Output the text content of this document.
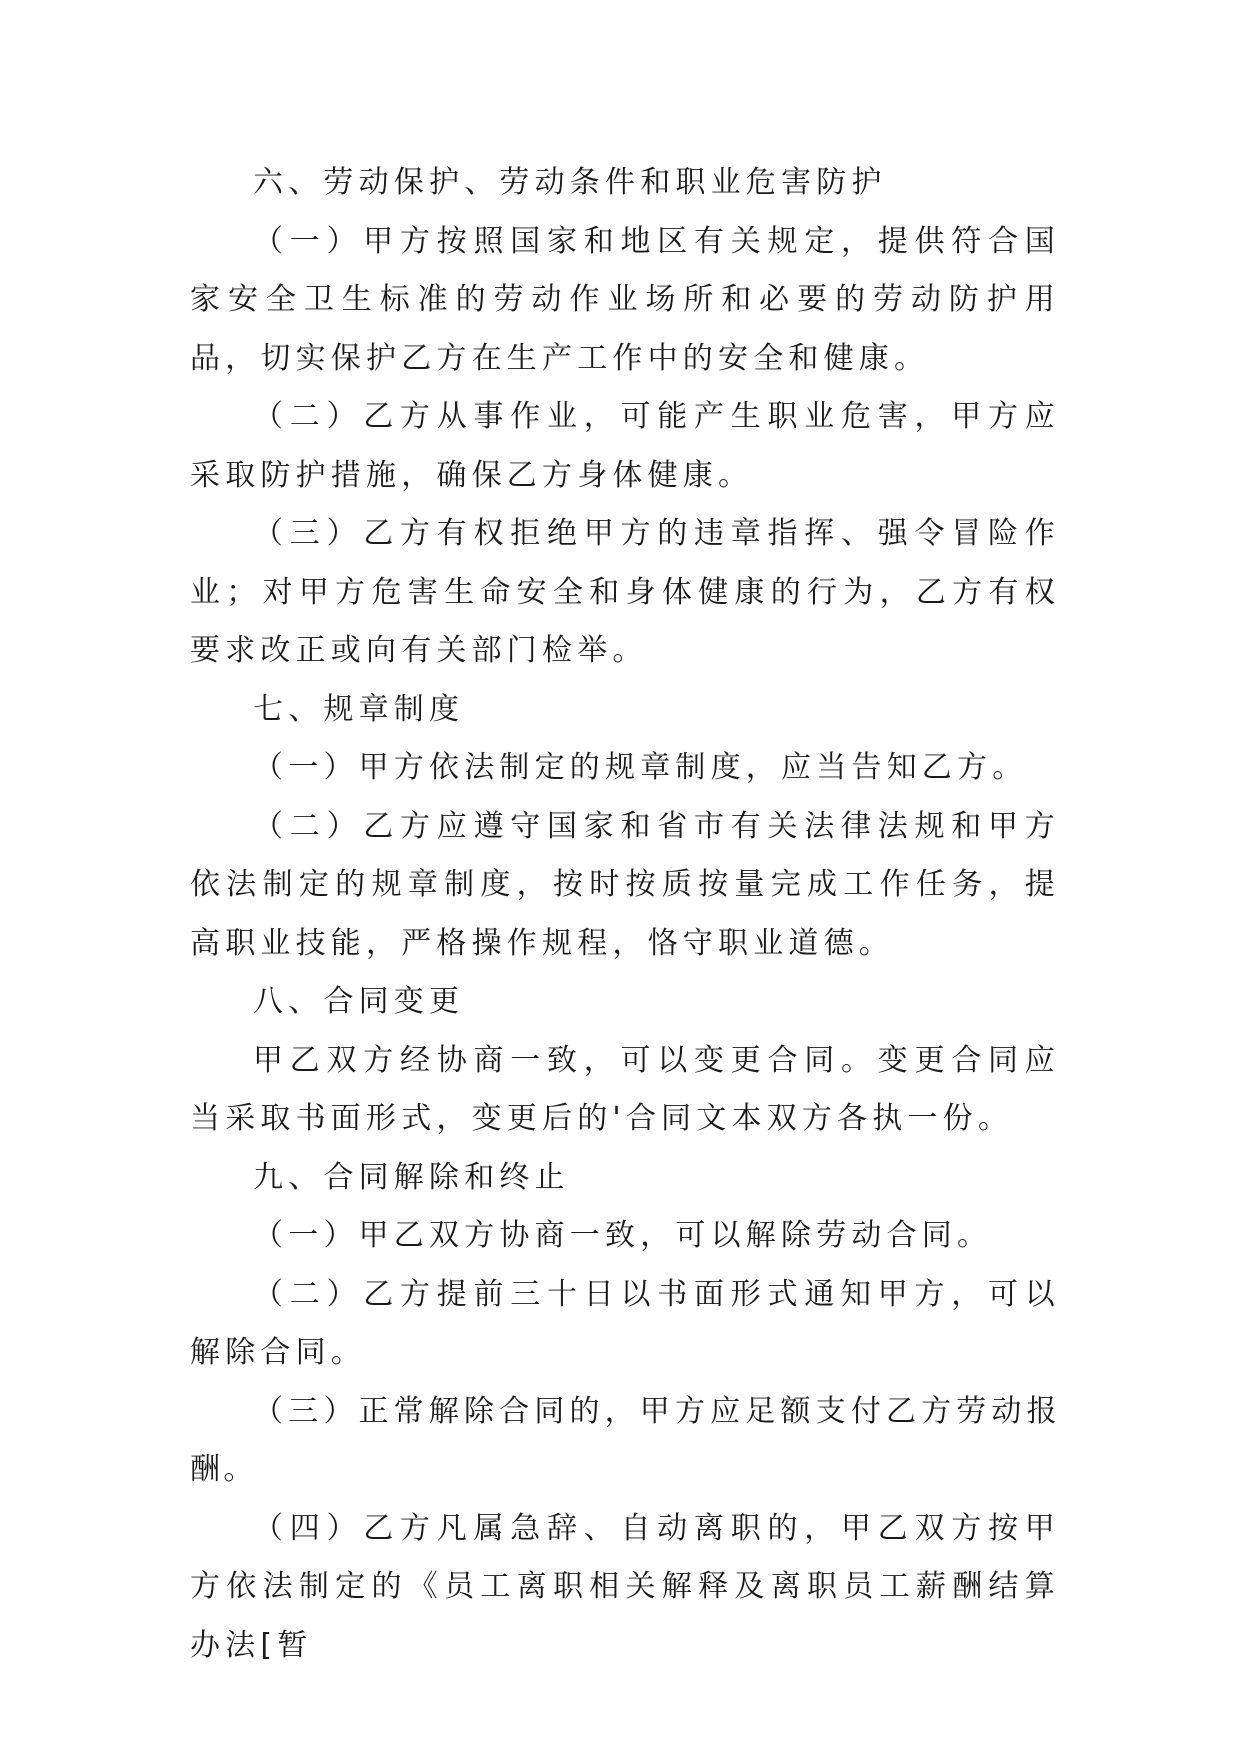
六、劳动保护、劳动条件和职业危害防护

（一）甲方按照国家和地区有关规定，提供符合国家安全卫生标准的劳动作业场所和必要的劳动防护用品，切实保护乙方在生产工作中的安全和健康。

（二）乙方从事作业，可能产生职业危害，甲方应采取防护措施，确保乙方身体健康。

（三）乙方有权拒绝甲方的违章指挥、强令冒险作业；对甲方危害生命安全和身体健康的行为，乙方有权要求改正或向有关部门检举。

七、规章制度

（一）甲方依法制定的规章制度，应当告知乙方。

（二）乙方应遵守国家和省市有关法律法规和甲方依法制定的规章制度，按时按质按量完成工作任务，提高职业技能，严格操作规程，恪守职业道德。

八、合同变更

甲乙双方经协商一致，可以变更合同。变更合同应当采取书面形式，变更后的'合同文本双方各执一份。

九、合同解除和终止

（一）甲乙双方协商一致，可以解除劳动合同。

（二）乙方提前三十日以书面形式通知甲方，可以解除合同。

（三）正常解除合同的，甲方应足额支付乙方劳动报酬。

（四）乙方凡属急辞、自动离职的，甲乙双方按甲方依法制定的《员工离职相关解释及离职员工薪酬结算办法[暂
